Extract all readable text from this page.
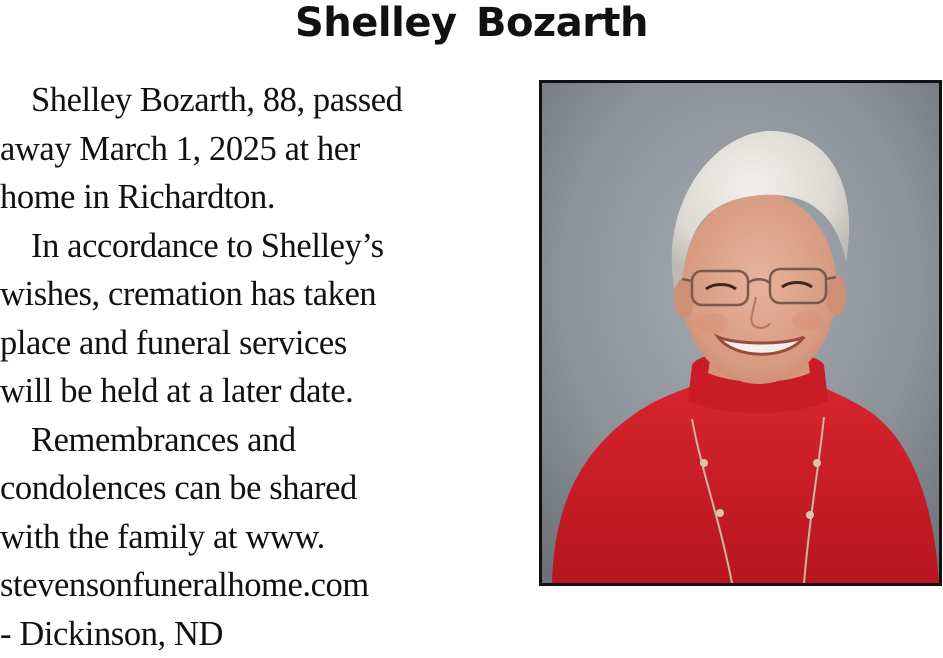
Shelley Bozarth
Shelley Bozarth, 88, passed
away March 1, 2025 at her
home in Richardton.
In accordance to Shelley’s
wishes, cremation has taken
place and funeral services
will be held at a later date.
Remembrances and
condolences can be shared
with the family at www.
stevensonfuneralhome.com
- Dickinson, ND
